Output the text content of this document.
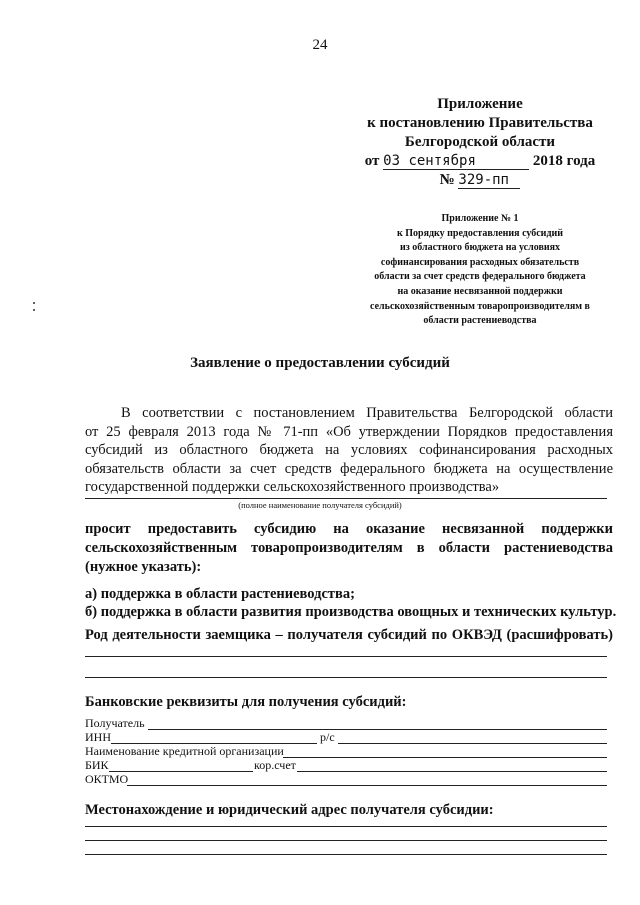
24
Приложение
к постановлению Правительства
Белгородской области
от 03 сентября	2018 года
№ 329-пп
Приложение № 1
к Порядку предоставления субсидий
из областного бюджета на условиях
софинансирования расходных обязательств
области за счет средств федерального бюджета
на оказание несвязанной поддержки
сельскохозяйственным товаропроизводителям в
области растениеводства
Заявление о предоставлении субсидий
В соответствии с постановлением Правительства Белгородской области
от 25 февраля 2013 года № 71-пп «Об утверждении Порядков предоставления
субсидий из областного бюджета на условиях софинансирования расходных
обязательств области за счет средств федерального бюджета на осуществление
государственной поддержки сельскохозяйственного производства»
(полное наименование получателя субсидий)
просит предоставить субсидию на оказание несвязанной поддержки
сельскохозяйственным товаропроизводителям в области растениеводства
(нужное указать):
а) поддержка в области растениеводства;
б) поддержка в области развития производства овощных и технических культур.
Род деятельности заемщика – получателя субсидий по ОКВЭД (расшифровать)
Банковские реквизиты для получения субсидий:
Получатель
ИНН	р/с
Наименование кредитной организации
БИК	кор.счет
ОКТМО
Местонахождение и юридический адрес получателя субсидии:
